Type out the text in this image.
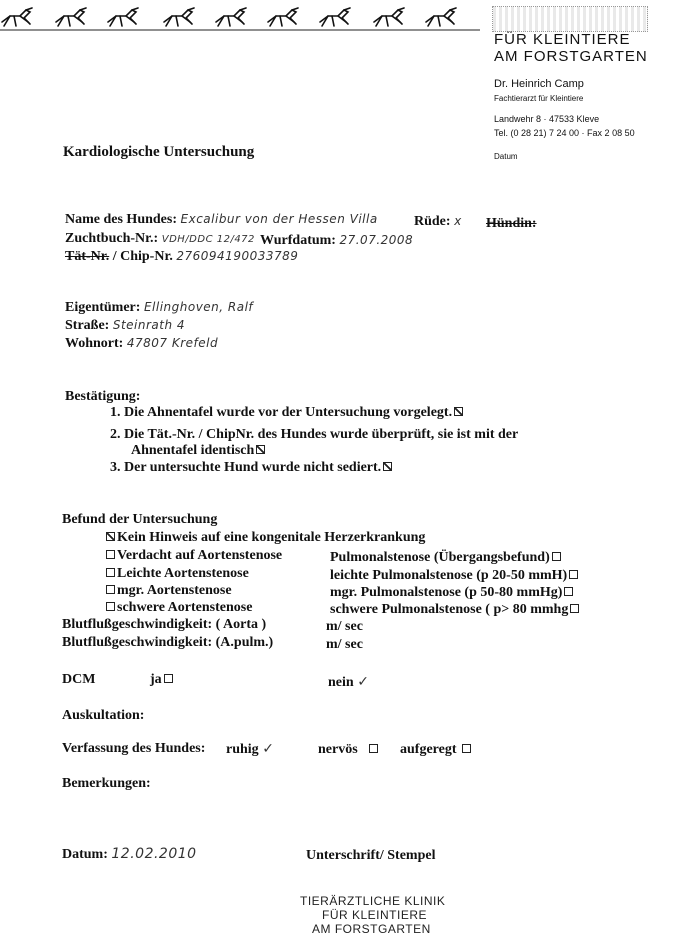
FÜR KLEINTIERE
AM FORSTGARTEN
Dr. Heinrich Camp
Fachtierarzt für Kleintiere
Landwehr 8 · 47533 Kleve
Tel. (0 28 21) 7 24 00 · Fax 2 08 50
Datum
Kardiologische Untersuchung
Name des Hundes: Excalibur von der Hessen Villa	Rüde: x Hündin:
Zuchtbuch-Nr.: VDH/DDC 12/472 Wurfdatum: 27.07.2008
Tät-Nr. / Chip-Nr. 276094190033789
Eigentümer: Ellinghoven, Ralf
Straße: Steinrath 4
Wohnort: 47807 Krefeld
Bestätigung:
1. Die Ahnentafel wurde vor der Untersuchung vorgelegt.
2. Die Tät.-Nr. / ChipNr. des Hundes wurde überprüft, sie ist mit der
Ahnentafel identisch
3. Der untersuchte Hund wurde nicht sediert.
Befund der Untersuchung
Kein Hinweis auf eine kongenitale Herzerkrankung
Verdacht auf Aortenstenose	Pulmonalstenose (Übergangsbefund)
Leichte Aortenstenose	leichte Pulmonalstenose (p 20-50 mmH)
mgr. Aortenstenose	mgr. Pulmonalstenose (p 50-80 mmHg)
schwere Aortenstenose	schwere Pulmonalstenose ( p> 80 mmhg
Blutflußgeschwindigkeit: ( Aorta )	m/ sec
Blutflußgeschwindigkeit: (A.pulm.)	m/ sec
DCM	ja	nein ✓
Auskultation:
Verfassung des Hundes: ruhig ✓	nervös	aufgeregt
Bemerkungen:
Datum: 12.02.2010	Unterschrift/ Stempel
TIERÄRZTLICHE KLINIK
FÜR KLEINTIERE
AM FORSTGARTEN
